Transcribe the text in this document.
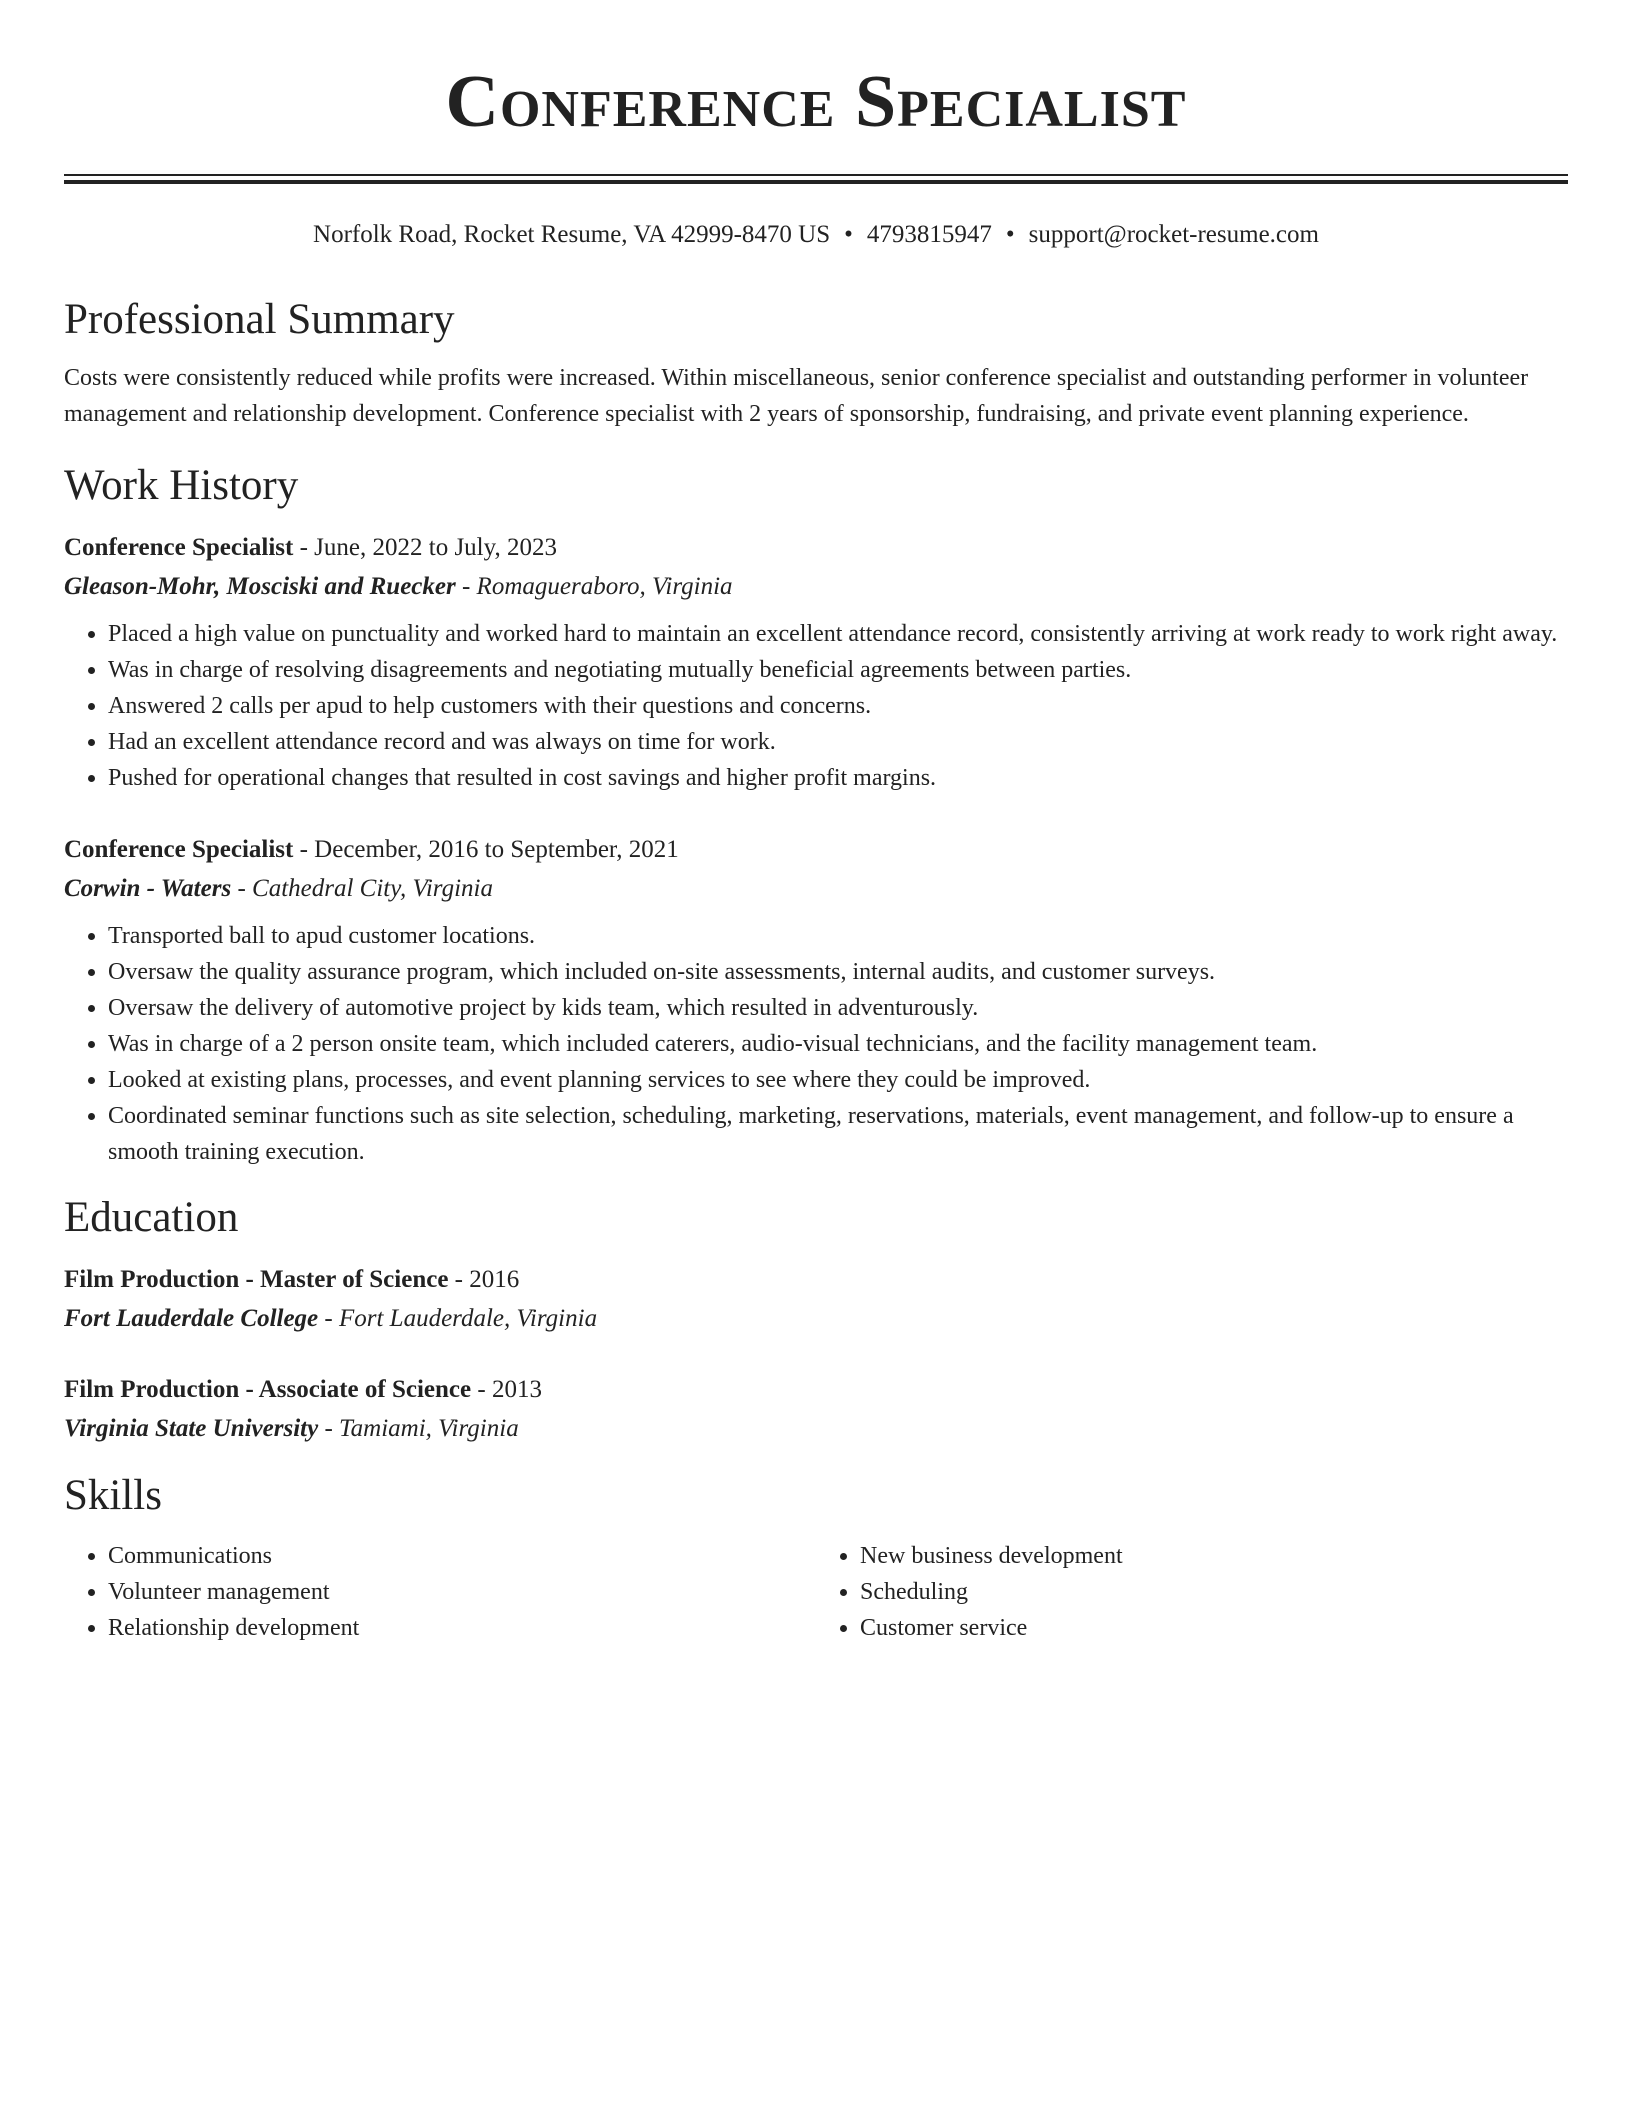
Conference Specialist
Norfolk Road, Rocket Resume, VA 42999-8470 US • 4793815947 • support@rocket-resume.com
Professional Summary

Costs were consistently reduced while profits were increased. Within miscellaneous, senior conference specialist and outstanding performer in volunteer management and relationship development. Conference specialist with 2 years of sponsorship, fundraising, and private event planning experience.

Work History
Conference Specialist - June, 2022 to July, 2023
Gleason-Mohr, Mosciski and Ruecker - Romagueraboro, Virginia
• Placed a high value on punctuality and worked hard to maintain an excellent attendance record, consistently arriving at work ready to work right away.
• Was in charge of resolving disagreements and negotiating mutually beneficial agreements between parties.
• Answered 2 calls per apud to help customers with their questions and concerns.
• Had an excellent attendance record and was always on time for work.
• Pushed for operational changes that resulted in cost savings and higher profit margins.
Conference Specialist - December, 2016 to September, 2021
Corwin - Waters - Cathedral City, Virginia
• Transported ball to apud customer locations.
• Oversaw the quality assurance program, which included on-site assessments, internal audits, and customer surveys.
• Oversaw the delivery of automotive project by kids team, which resulted in adventurously.
• Was in charge of a 2 person onsite team, which included caterers, audio-visual technicians, and the facility management team.
• Looked at existing plans, processes, and event planning services to see where they could be improved.
• Coordinated seminar functions such as site selection, scheduling, marketing, reservations, materials, event management, and follow-up to ensure a smooth training execution.
Education
Film Production - Master of Science - 2016
Fort Lauderdale College - Fort Lauderdale, Virginia
Film Production - Associate of Science - 2013
Virginia State University - Tamiami, Virginia
Skills
• Communications
• Volunteer management
• Relationship development
• New business development
• Scheduling
• Customer service
